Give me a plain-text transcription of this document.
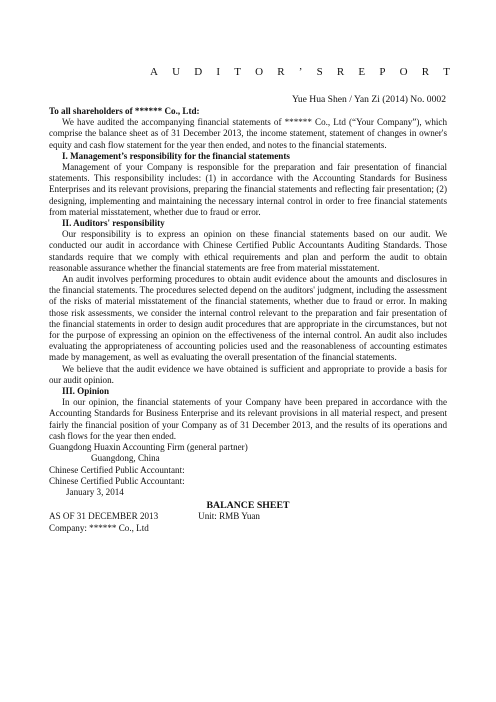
A U D I T O R ’ S R E P O R T
Yue Hua Shen / Yan Zi (2014) No. 0002

To all shareholders of ****** Co., Ltd:

We have audited the accompanying financial statements of ****** Co., Ltd (“Your Company”), which comprise the balance sheet as of 31 December 2013, the income statement, statement of changes in owner's equity and cash flow statement for the year then ended, and notes to the financial statements.

I. Management’s responsibility for the financial statements

Management of your Company is responsible for the preparation and fair presentation of financial statements. This responsibility includes: (1) in accordance with the Accounting Standards for Business Enterprises and its relevant provisions, preparing the financial statements and reflecting fair presentation; (2) designing, implementing and maintaining the necessary internal control in order to free financial statements from material misstatement, whether due to fraud or error.

II. Auditors' responsibility

Our responsibility is to express an opinion on these financial statements based on our audit. We conducted our audit in accordance with Chinese Certified Public Accountants Auditing Standards. Those standards require that we comply with ethical requirements and plan and perform the audit to obtain reasonable assurance whether the financial statements are free from material misstatement.

An audit involves performing procedures to obtain audit evidence about the amounts and disclosures in the financial statements. The procedures selected depend on the auditors' judgment, including the assessment of the risks of material misstatement of the financial statements, whether due to fraud or error. In making those risk assessments, we consider the internal control relevant to the preparation and fair presentation of the financial statements in order to design audit procedures that are appropriate in the circumstances, but not for the purpose of expressing an opinion on the effectiveness of the internal control. An audit also includes evaluating the appropriateness of accounting policies used and the reasonableness of accounting estimates made by management, as well as evaluating the overall presentation of the financial statements.

We believe that the audit evidence we have obtained is sufficient and appropriate to provide a basis for our audit opinion.

III. Opinion

In our opinion, the financial statements of your Company have been prepared in accordance with the Accounting Standards for Business Enterprise and its relevant provisions in all material respect, and present fairly the financial position of your Company as of 31 December 2013, and the results of its operations and cash flows for the year then ended.

Guangdong Huaxin Accounting Firm (general partner)

Guangdong, China

Chinese Certified Public Accountant:

Chinese Certified Public Accountant:

January 3, 2014

BALANCE SHEET

AS OF 31 DECEMBER 2013	Unit: RMB Yuan

Company: ****** Co., Ltd
